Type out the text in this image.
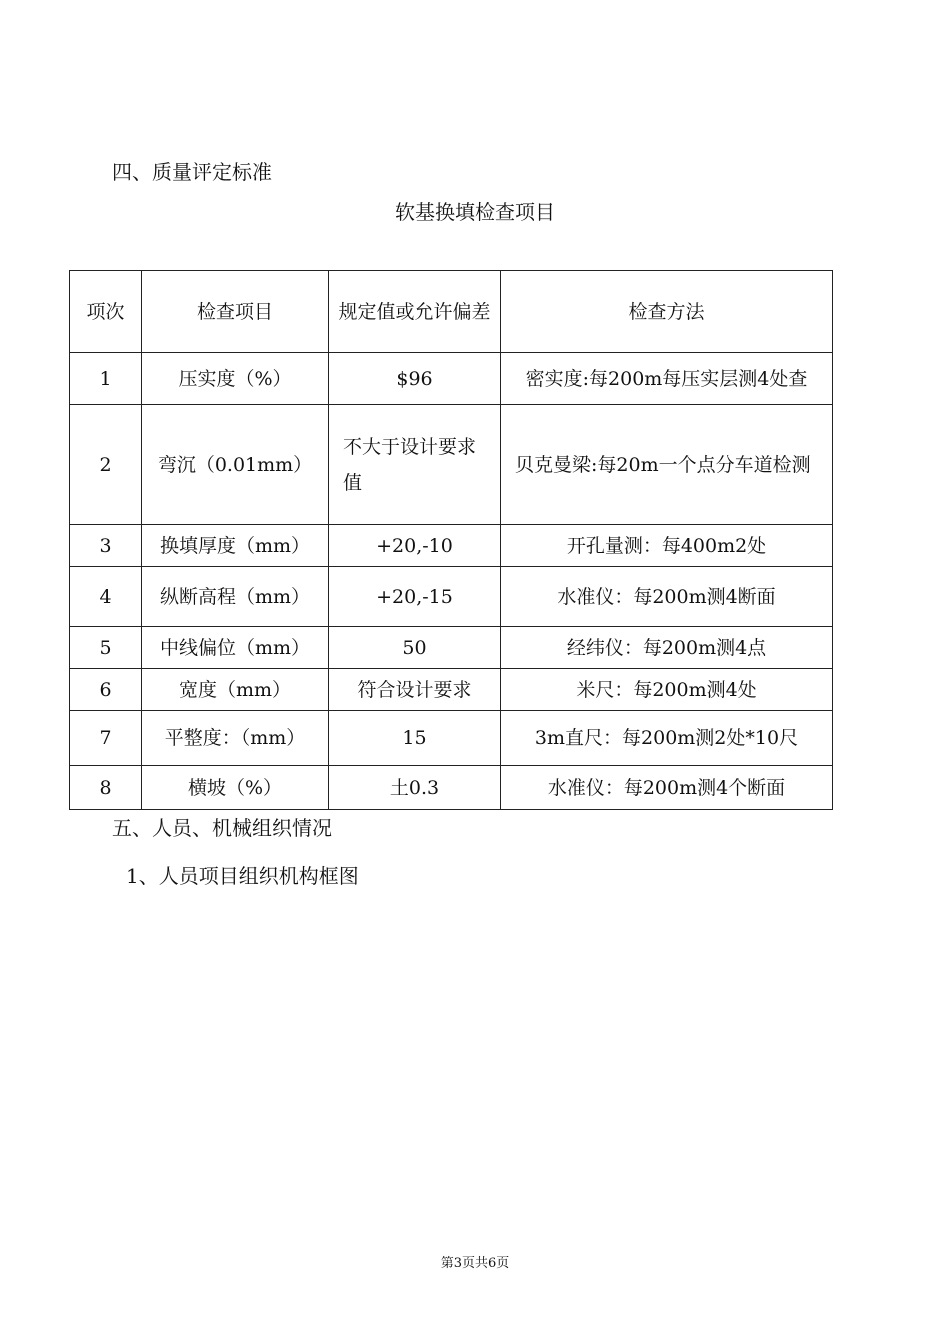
四、质量评定标准
软基换填检查项目
项次	检查项目	规定值或允许偏差	检查方法
1	压实度（%）	$96	密实度:每200m每压实层测4处查
2	弯沉（0.01mm）	不大于设计要求值	贝克曼梁:每20m一个点分车道检测
3	换填厚度（mm）	+20,-10	开孔量测：每400m2处
4	纵断高程（mm）	+20,-15	水准仪：每200m测4断面
5	中线偏位（mm）	50	经纬仪：每200m测4点
6	宽度（mm）	符合设计要求	米尺：每200m测4处
7	平整度：（mm）	15	3m直尺：每200m测2处*10尺
8	横坡（%）	土0.3	水准仪：每200m测4个断面
五、人员、机械组织情况
1、人员项目组织机构框图
第3页共6页
